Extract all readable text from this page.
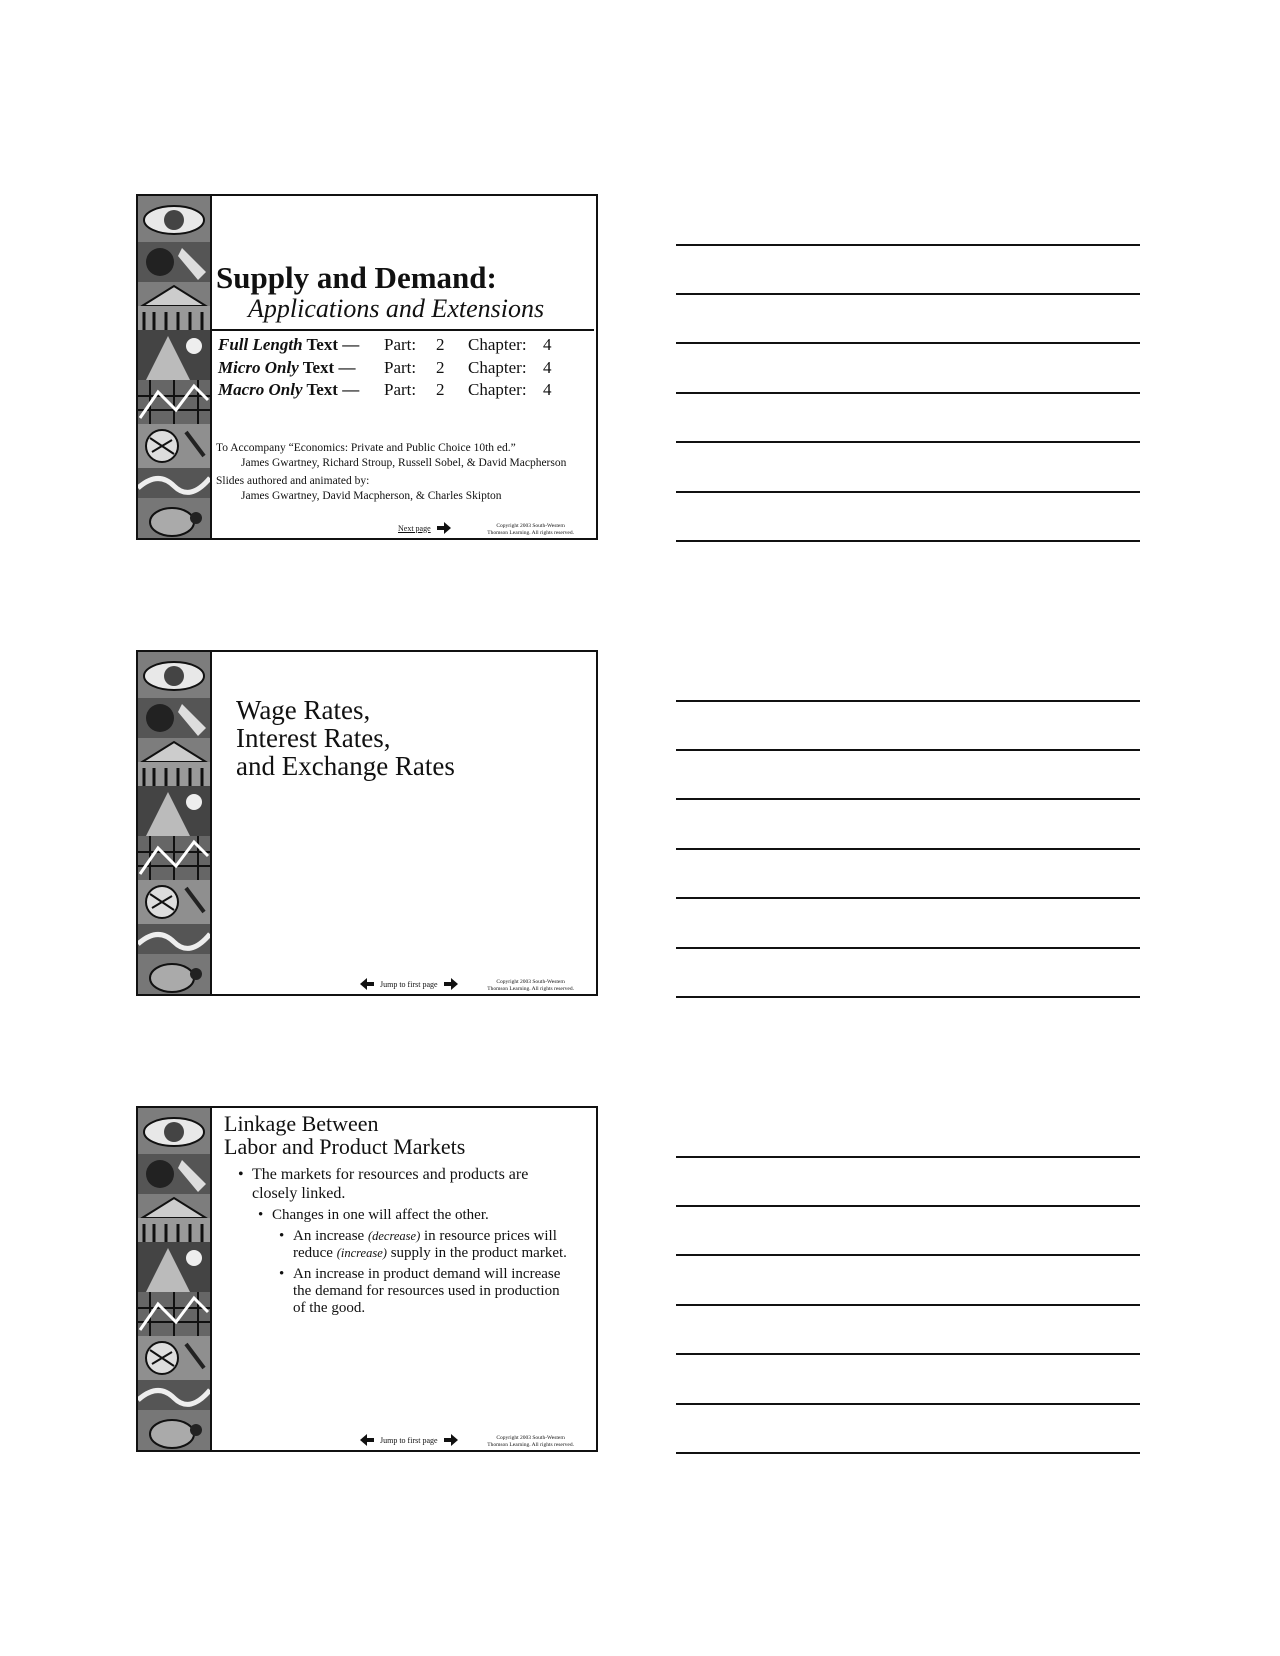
Supply and Demand:
Applications and Extensions
Full Length Text — Part: 2 Chapter: 4
Micro Only Text — Part: 2 Chapter: 4
Macro Only Text — Part: 2 Chapter: 4
To Accompany “Economics: Private and Public Choice 10th ed.”
James Gwartney, Richard Stroup, Russell Sobel, & David Macpherson
Slides authored and animated by:
James Gwartney, David Macpherson, & Charles Skipton
Next page	Copyright 2003 South-Western
Thomson Learning. All rights reserved.
Wage Rates,
Interest Rates,
and Exchange Rates
Jump to first page	Copyright 2003 South-Western
Thomson Learning. All rights reserved.
Linkage Between
Labor and Product Markets
• The markets for resources and products are closely linked.
• Changes in one will affect the other.
• An increase (decrease) in resource prices will reduce (increase) supply in the product market.
• An increase in product demand will increase the demand for resources used in production of the good.
Jump to first page	Copyright 2003 South-Western
Thomson Learning. All rights reserved.
